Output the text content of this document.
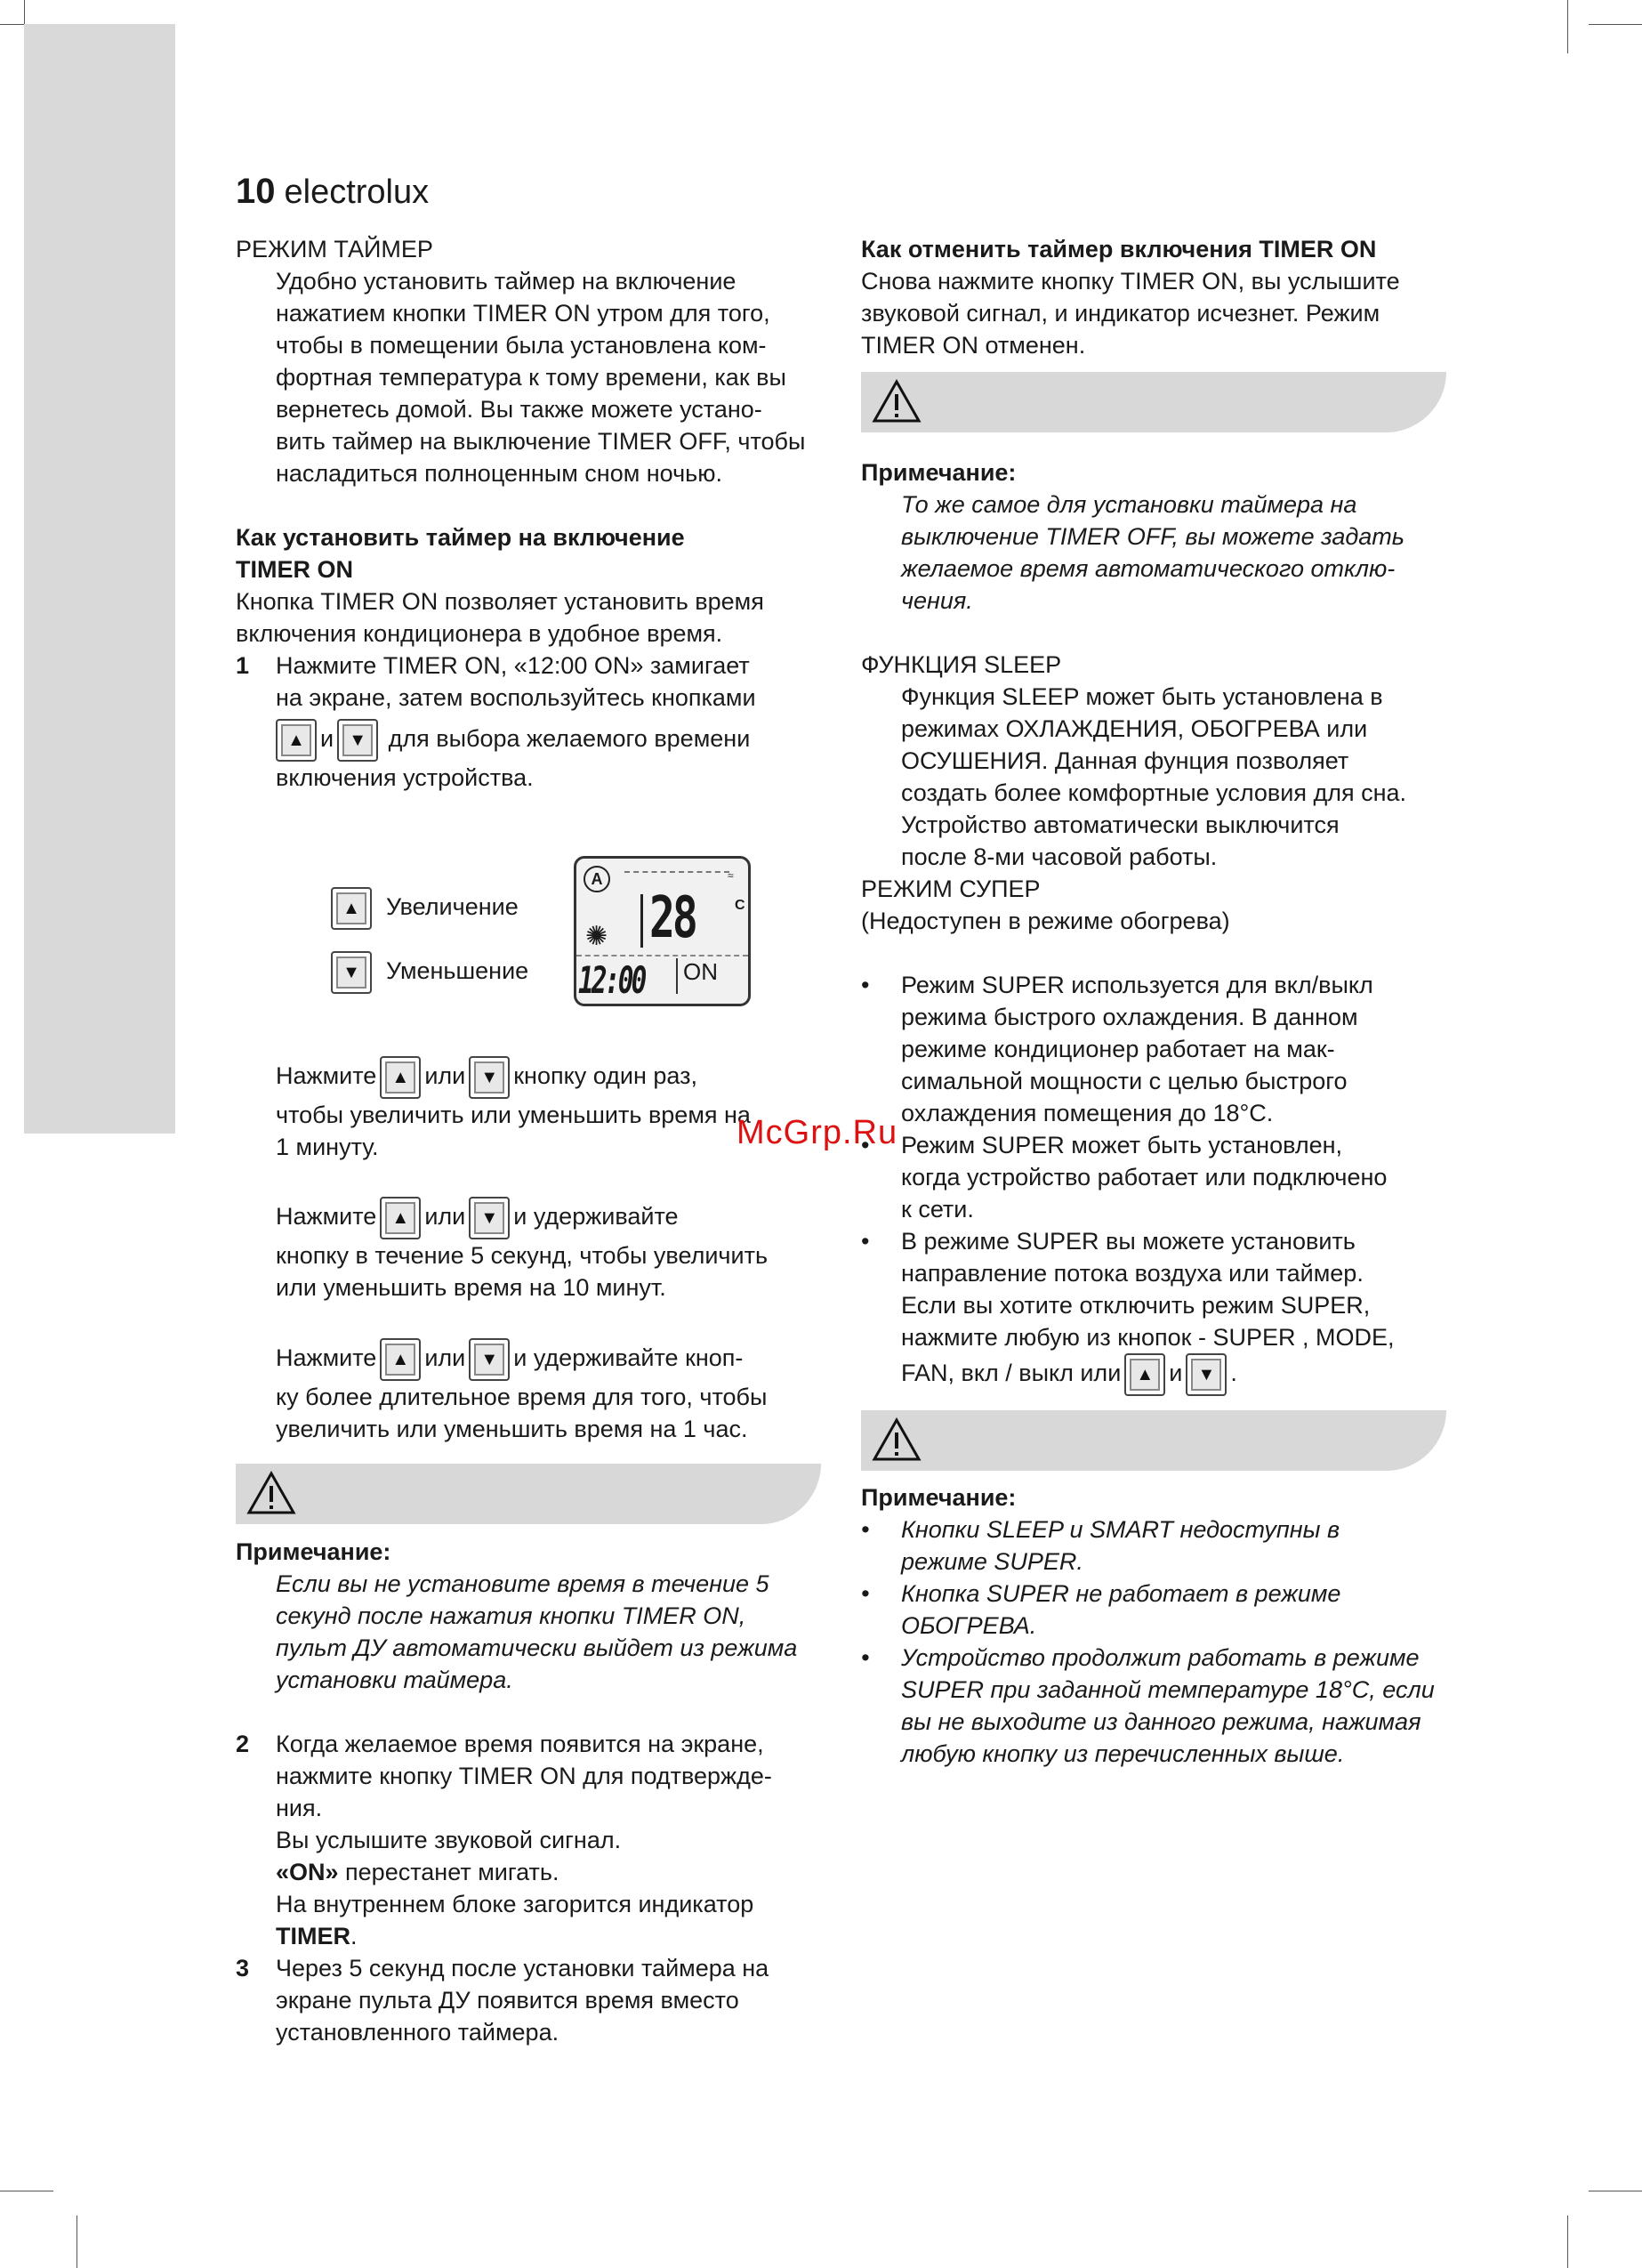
10 electrolux

РЕЖИМ ТАЙМЕР

Удобно установить таймер на включение

нажатием кнопки TIMER ON утром для того,

чтобы в помещении была установлена ком-

фортная температура к тому времени, как вы

вернетесь домой. Вы также можете устано-

вить таймер на выключение TIMER OFF, чтобы

насладиться полноценным сном ночью.

Как установить таймер на включение

TIMER ON

Кнопка TIMER ON позволяет установить время

включения кондиционера в удобное время.

1 Нажмите TIMER ON, «12:00 ON» замигает

на экране, затем воспользуйтесь кнопками

▲ и ▼ для выбора желаемого времени

включения устройства.

▲ Увеличение
▼ Уменьшение
A	≈
✺ 28	C
12:00 ON

Нажмите ▲ или ▼ кнопку один раз,

чтобы увеличить или уменьшить время на

1 минуту.

Нажмите ▲ или ▼ и удерживайте

кнопку в течение 5 секунд, чтобы увеличить

или уменьшить время на 10 минут.

Нажмите ▲ или ▼ и удерживайте кноп-

ку более длительное время для того, чтобы

увеличить или уменьшить время на 1 час.

Примечание:

Если вы не установите время в течение 5

секунд после нажатия кнопки TIMER ON,

пульт ДУ автоматически выйдет из режима

установки таймера.

2 Когда желаемое время появится на экране,

нажмите кнопку TIMER ON для подтвержде-

ния.

Вы услышите звуковой сигнал.

«ON» перестанет мигать.

На внутреннем блоке загорится индикатор

TIMER.

3 Через 5 секунд после установки таймера на

экране пульта ДУ появится время вместо

установленного таймера.

Как отменить таймер включения TIMER ON

Снова нажмите кнопку TIMER ON, вы услышите

звуковой сигнал, и индикатор исчезнет. Режим

TIMER ON отменен.

Примечание:

То же самое для установки таймера на

выключение TIMER OFF, вы можете задать

желаемое время автоматического отклю-

чения.

ФУНКЦИЯ SLEEP

Функция SLEEP может быть установлена в

режимах ОХЛАЖДЕНИЯ, ОБОГРЕВА или

ОСУШЕНИЯ. Данная фунция позволяет

создать более комфортные условия для сна.

Устройство автоматически выключится

после 8-ми часовой работы.

РЕЖИМ СУПЕР

(Недоступен в режиме обогрева)

• Режим SUPER используется для вкл/выкл

режима быстрого охлаждения. В данном

режиме кондиционер работает на мак-

симальной мощности с целью быстрого

охлаждения помещения до 18°C.

• Режим SUPER может быть установлен,

когда устройство работает или подключено

к сети.

• В режиме SUPER вы можете установить

направление потока воздуха или таймер.

Если вы хотите отключить режим SUPER,

нажмите любую из кнопок - SUPER , MODE,

FAN, вкл / выкл или ▲ и ▼ .

Примечание:

• Кнопки SLEEP и SMART недоступны в

режиме SUPER.

• Кнопка SUPER не работает в режиме

ОБОГРЕВА.

• Устройство продолжит работать в режиме

SUPER при заданной температуре 18°C, если

вы не выходите из данного режима, нажимая

любую кнопку из перечисленных выше.

McGrp.Ru
